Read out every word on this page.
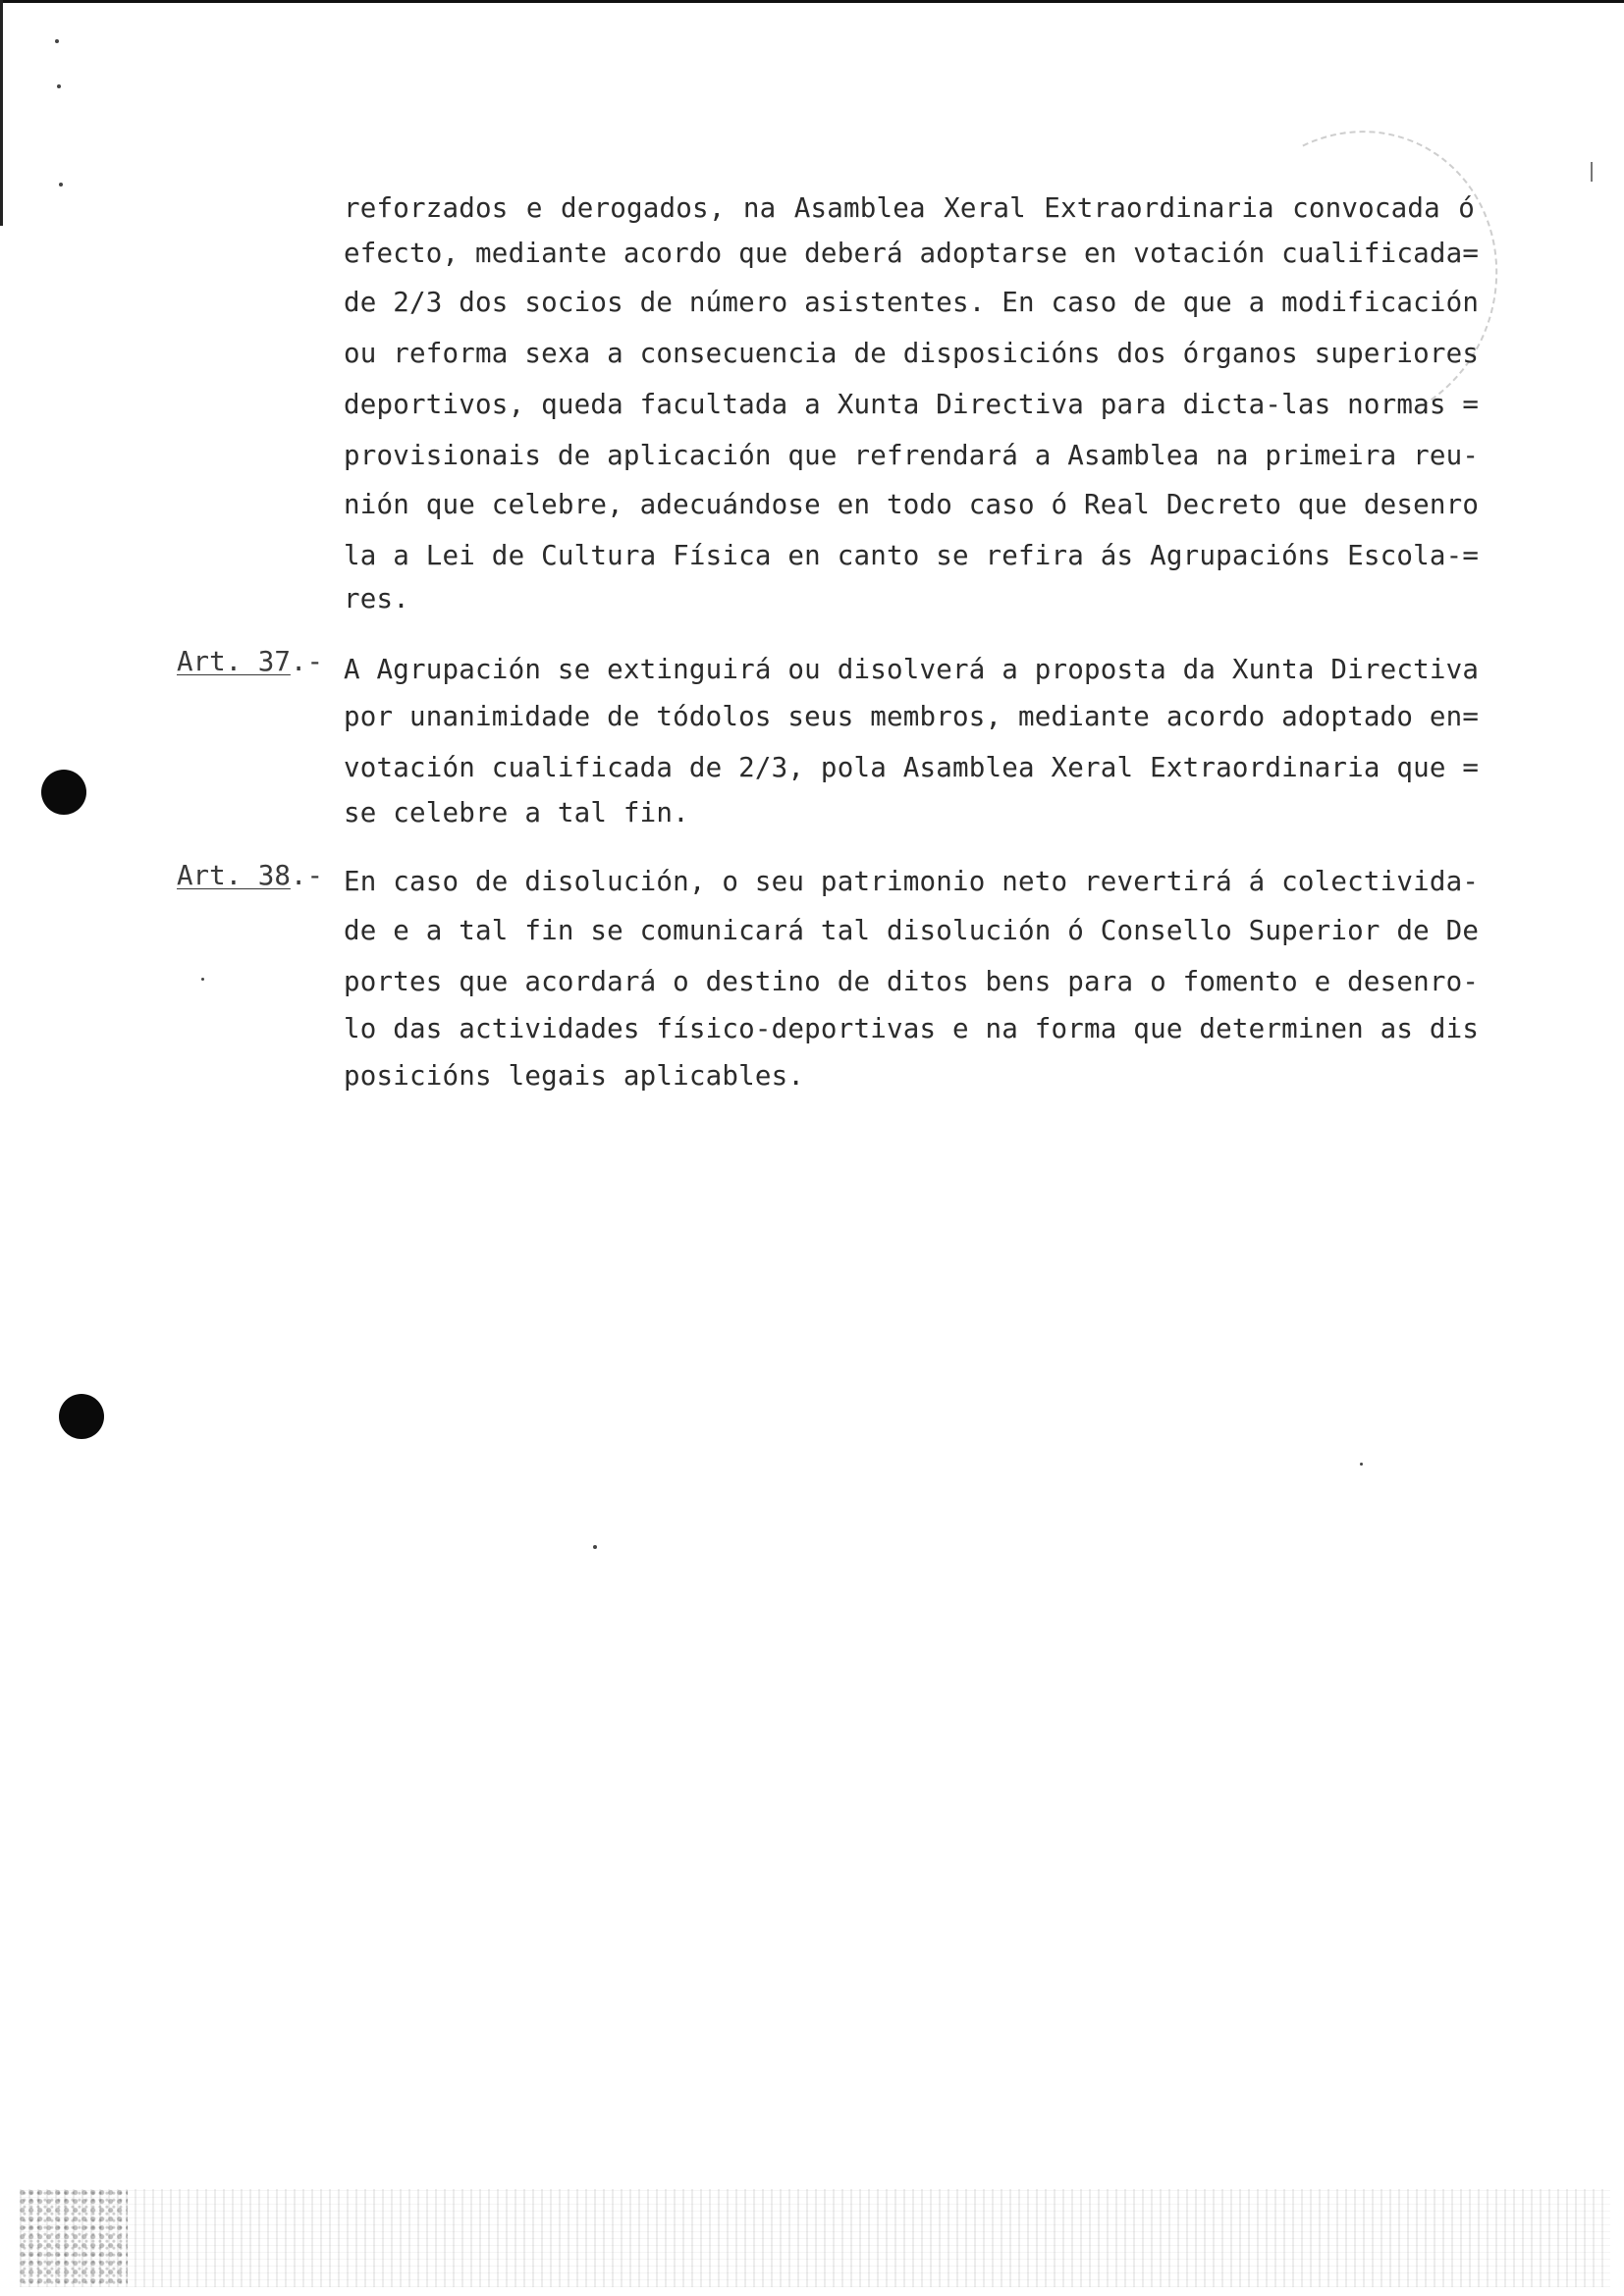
reforzados e derogados, na Asamblea Xeral Extraordinaria convocada ó
efecto, mediante acordo que deberá adoptarse en votación cualificada=
de 2/3 dos socios de número asistentes. En caso de que a modificación
ou reforma sexa a consecuencia de disposicións dos órganos superiores
deportivos, queda facultada a Xunta Directiva para dicta-las normas =
provisionais de aplicación que refrendará a Asamblea na primeira reu-
nión que celebre, adecuándose en todo caso ó Real Decreto que desenro
la a Lei de Cultura Física en canto se refira ás Agrupacións Escola-=
res.
Art. 37.- A Agrupación se extinguirá ou disolverá a proposta da Xunta Directiva
por unanimidade de tódolos seus membros, mediante acordo adoptado en=
votación cualificada de 2/3, pola Asamblea Xeral Extraordinaria que =
se celebre a tal fin.
Art. 38.- En caso de disolución, o seu patrimonio neto revertirá á colectivida-
de e a tal fin se comunicará tal disolución ó Consello Superior de De
portes que acordará o destino de ditos bens para o fomento e desenro-
lo das actividades físico-deportivas e na forma que determinen as dis
posicións legais aplicables.
